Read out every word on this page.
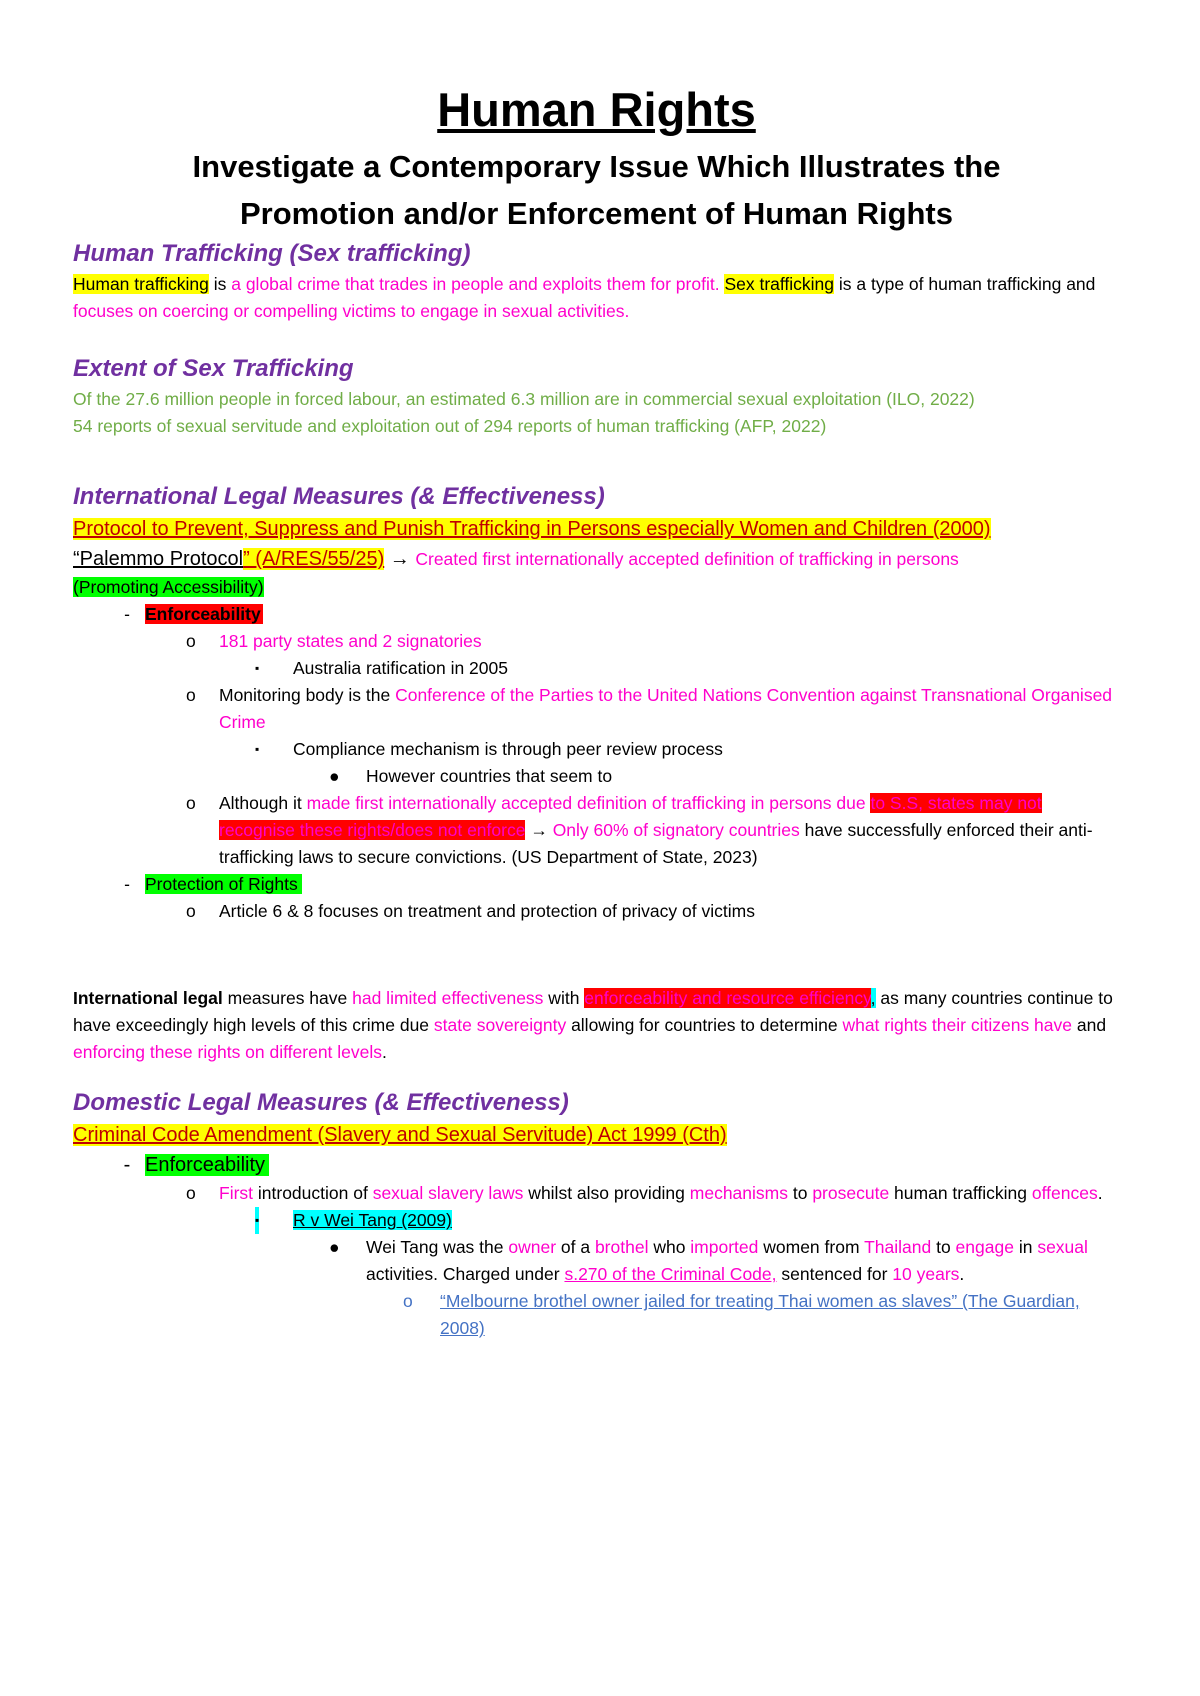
Human Rights
Investigate a Contemporary Issue Which Illustrates the
Promotion and/or Enforcement of Human Rights
Human Trafficking (Sex trafficking)

Human trafficking is a global crime that trades in people and exploits them for profit. Sex trafficking is a type of human trafficking and focuses on coercing or compelling victims to engage in sexual activities.

Extent of Sex Trafficking

Of the 27.6 million people in forced labour, an estimated 6.3 million are in commercial sexual exploitation (ILO, 2022)

54 reports of sexual servitude and exploitation out of 294 reports of human trafficking (AFP, 2022)

International Legal Measures (& Effectiveness)

Protocol to Prevent, Suppress and Punish Trafficking in Persons especially Women and Children (2000)

“Palemmo Protocol” (A/RES/55/25) → Created first internationally accepted definition of trafficking in persons

(Promoting Accessibility)

- Enforceability
o 181 party states and 2 signatories
▪ Australia ratification in 2005
o Monitoring body is the Conference of the Parties to the United Nations Convention against Transnational Organised Crime
▪ Compliance mechanism is through peer review process
● However countries that seem to
o Although it made first internationally accepted definition of trafficking in persons due to S.S, states may not recognise these rights/does not enforce → Only 60% of signatory countries have successfully enforced their anti-trafficking laws to secure convictions. (US Department of State, 2023)
- Protection of Rights
o Article 6 & 8 focuses on treatment and protection of privacy of victims

International legal measures have had limited effectiveness with enforceability and resource efficiency, as many countries continue to have exceedingly high levels of this crime due state sovereignty allowing for countries to determine what rights their citizens have and enforcing these rights on different levels.

Domestic Legal Measures (& Effectiveness)

Criminal Code Amendment (Slavery and Sexual Servitude) Act 1999 (Cth)

- Enforceability
o First introduction of sexual slavery laws whilst also providing mechanisms to prosecute human trafficking offences.
▪ R v Wei Tang (2009)
● Wei Tang was the owner of a brothel who imported women from Thailand to engage in sexual activities. Charged under s.270 of the Criminal Code, sentenced for 10 years.
o “Melbourne brothel owner jailed for treating Thai women as slaves” (The Guardian, 2008)
